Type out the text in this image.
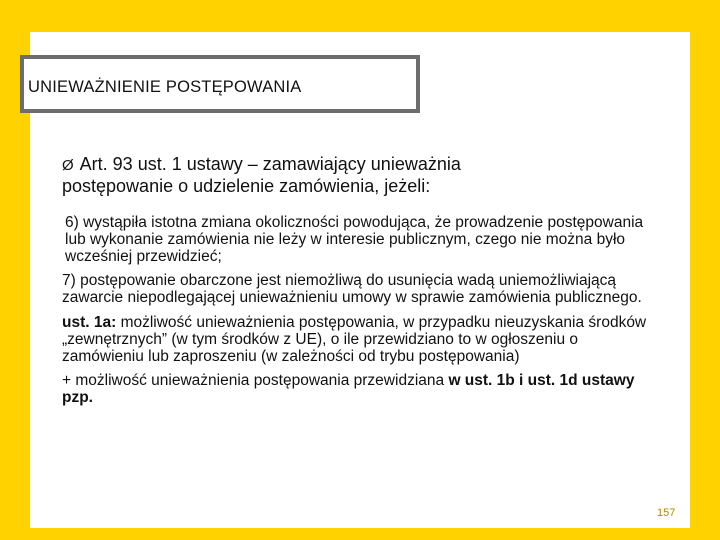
UNIEWAŻNIENIE POSTĘPOWANIA
Ø Art. 93 ust. 1 ustawy – zamawiający unieważnia
postępowanie o udzielenie zamówienia, jeżeli:

6) wystąpiła istotna zmiana okoliczności powodująca, że prowadzenie postępowania lub wykonanie zamówienia nie leży w interesie publicznym, czego nie można było wcześniej przewidzieć;

7) postępowanie obarczone jest niemożliwą do usunięcia wadą uniemożliwiającą zawarcie niepodlegającej unieważnieniu umowy w sprawie zamówienia publicznego.

ust. 1a: możliwość unieważnienia postępowania, w przypadku nieuzyskania środków „zewnętrznych” (w tym środków z UE), o ile przewidziano to w ogłoszeniu o zamówieniu lub zaproszeniu (w zależności od trybu postępowania)

+ możliwość unieważnienia postępowania przewidziana w ust. 1b i ust. 1d ustawy pzp.

157
